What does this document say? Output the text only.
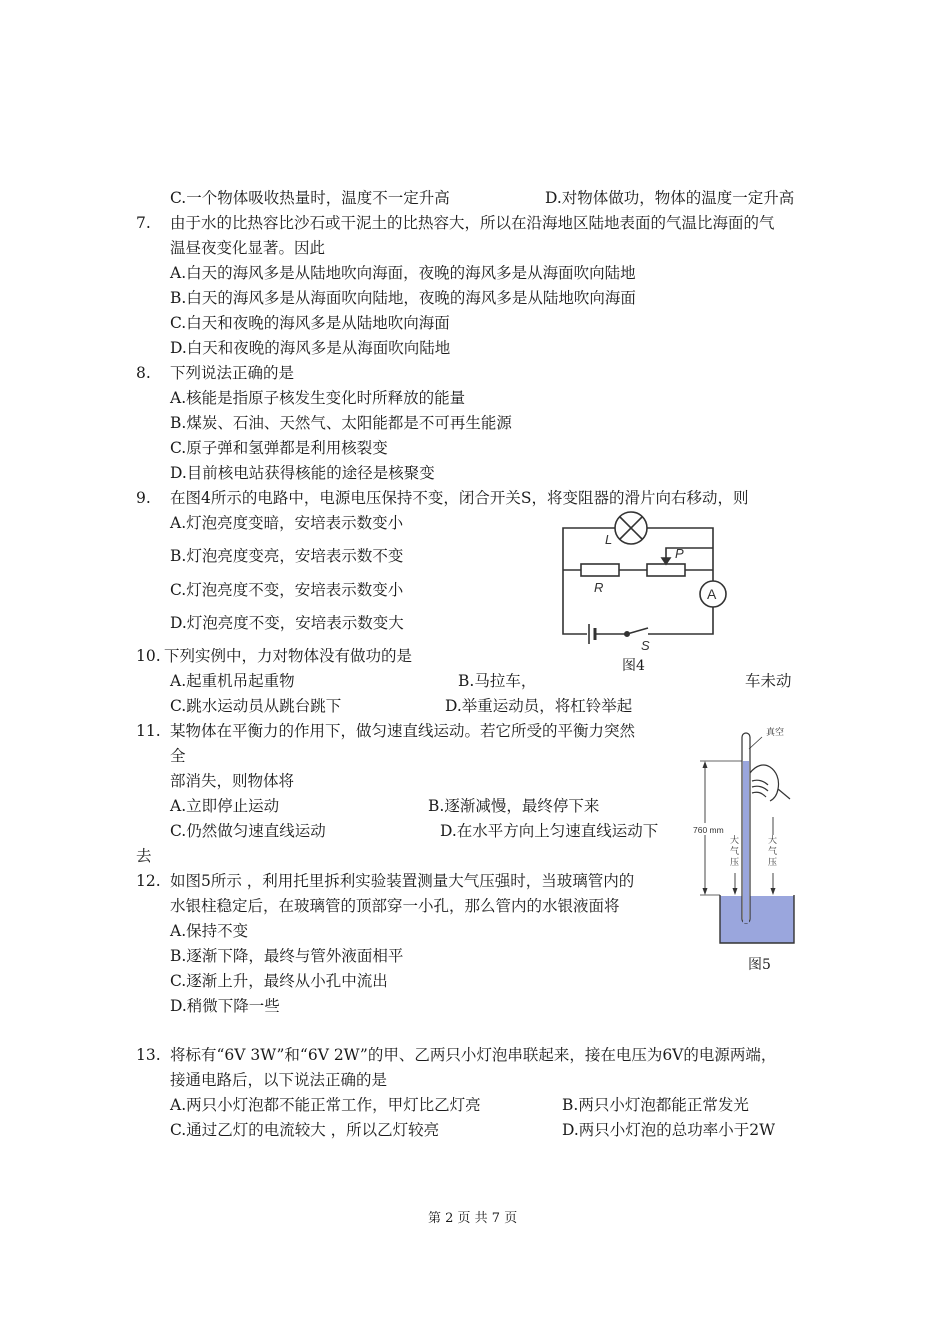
C.一个物体吸收热量时，温度不一定升高	D.对物体做功，物体的温度一定升高
7. 由于水的比热容比沙石或干泥土的比热容大，所以在沿海地区陆地表面的气温比海面的气
温昼夜变化显著。因此
A.白天的海风多是从陆地吹向海面，夜晚的海风多是从海面吹向陆地
B.白天的海风多是从海面吹向陆地，夜晚的海风多是从陆地吹向海面
C.白天和夜晚的海风多是从陆地吹向海面
D.白天和夜晚的海风多是从海面吹向陆地
8. 下列说法正确的是
A.核能是指原子核发生变化时所释放的能量
B.煤炭、石油、天然气、太阳能都是不可再生能源
C.原子弹和氢弹都是利用核裂变
D.目前核电站获得核能的途径是核聚变
9. 在图4所示的电路中，电源电压保持不变，闭合开关S，将变阻器的滑片向右移动，则
A.灯泡亮度变暗，安培表示数变小
B.灯泡亮度变亮，安培表示数不变
C.灯泡亮度不变，安培表示数变小
D.灯泡亮度不变，安培表示数变大
L
P
R	A
S
图4
10. 下列实例中，力对物体没有做功的是
A.起重机吊起重物	B.马拉车，	车未动
C.跳水运动员从跳台跳下	D.举重运动员，将杠铃举起
11. 某物体在平衡力的作用下，做匀速直线运动。若它所受的平衡力突然
全
部消失，则物体将
A.立即停止运动	B.逐渐减慢，最终停下来
C.仍然做匀速直线运动	D.在水平方向上匀速直线运动下
去
真空
760 mm
大 气 压
大 气 压
图5
12. 如图5所示 ，利用托里拆利实验装置测量大气压强时，当玻璃管内的
水银柱稳定后，在玻璃管的顶部穿一小孔，那么管内的水银液面将
A.保持不变
B.逐渐下降，最终与管外液面相平
C.逐渐上升，最终从小孔中流出
D.稍微下降一些
13. 将标有“6V 3W”和“6V 2W”的甲、乙两只小灯泡串联起来，接在电压为6V的电源两端，
接通电路后，以下说法正确的是
A.两只小灯泡都不能正常工作，甲灯比乙灯亮	B.两只小灯泡都能正常发光
C.通过乙灯的电流较大 ，所以乙灯较亮	D.两只小灯泡的总功率小于2W
第 2 页 共 7 页
